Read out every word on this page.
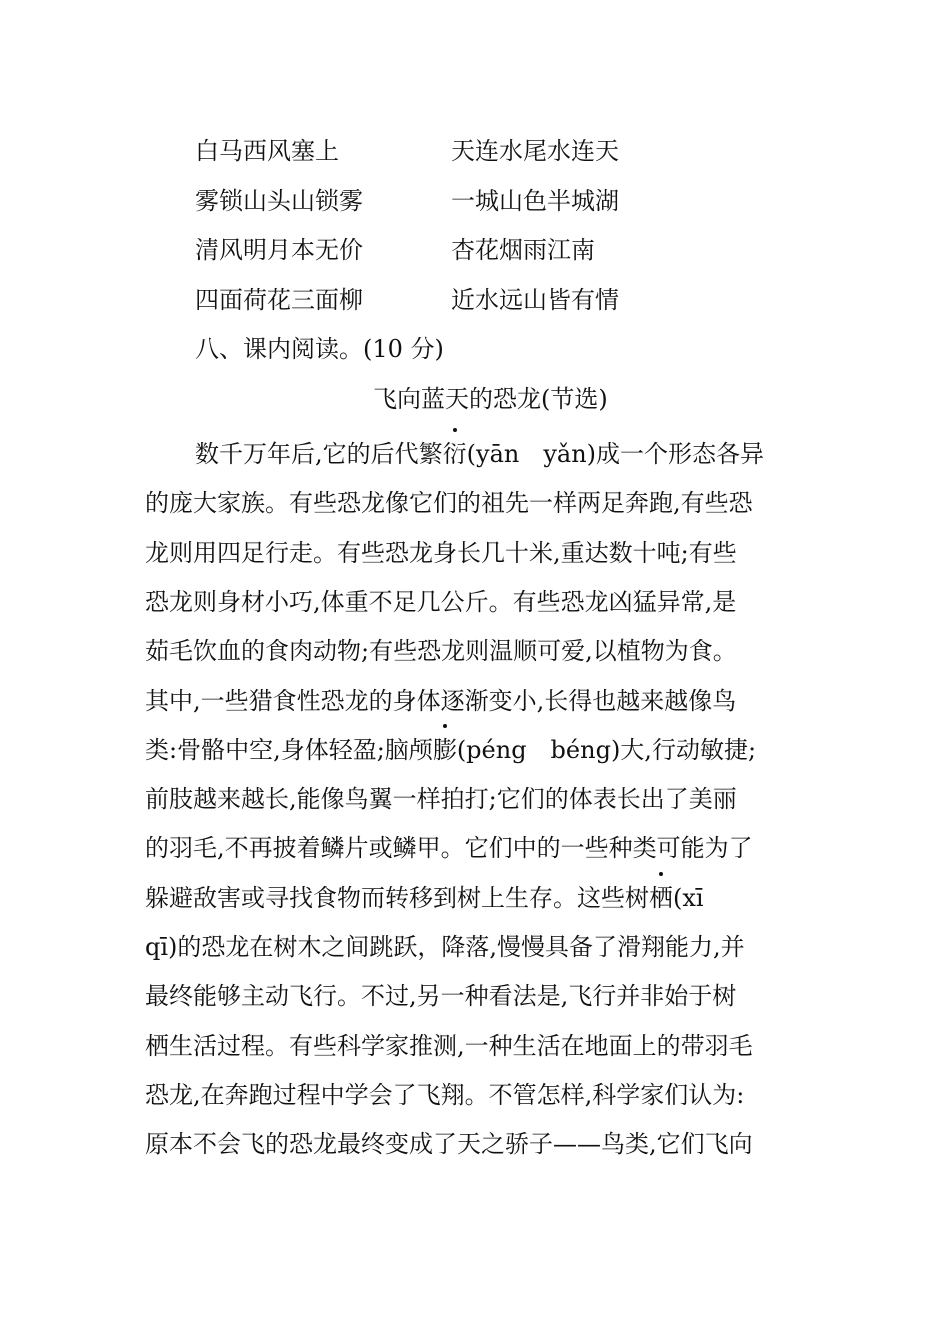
白马西风塞上	天连水尾水连天
雾锁山头山锁雾	一城山色半城湖
清风明月本无价	杏花烟雨江南
四面荷花三面柳	近水远山皆有情
八、课内阅读。(10 分)
飞向蓝天的恐龙(节选)
数千万年后,它的后代繁衍(yān　yǎn)成一个形态各异
的庞大家族。有些恐龙像它们的祖先一样两足奔跑,有些恐
龙则用四足行走。有些恐龙身长几十米,重达数十吨;有些
恐龙则身材小巧,体重不足几公斤。有些恐龙凶猛异常,是
茹毛饮血的食肉动物;有些恐龙则温顺可爱,以植物为食。
其中,一些猎食性恐龙的身体逐渐变小,长得也越来越像鸟
类:骨骼中空,身体轻盈;脑颅膨(péng　béng)大,行动敏捷;
前肢越来越长,能像鸟翼一样拍打;它们的体表长出了美丽
的羽毛,不再披着鳞片或鳞甲。它们中的一些种类可能为了
躲避敌害或寻找食物而转移到树上生存。这些树栖(xī
qī)的恐龙在树木之间跳跃，降落,慢慢具备了滑翔能力,并
最终能够主动飞行。不过,另一种看法是,飞行并非始于树
栖生活过程。有些科学家推测,一种生活在地面上的带羽毛
恐龙,在奔跑过程中学会了飞翔。不管怎样,科学家们认为:
原本不会飞的恐龙最终变成了天之骄子——鸟类,它们飞向
